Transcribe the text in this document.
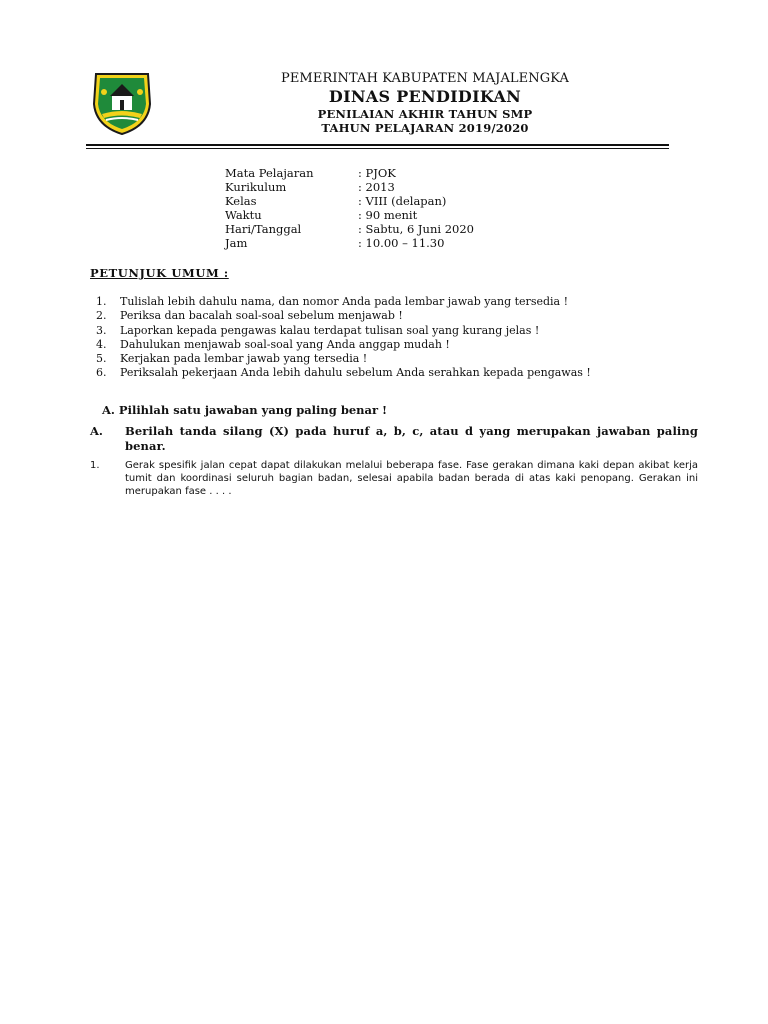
PEMERINTAH KABUPATEN MAJALENGKA
DINAS PENDIDIKAN
PENILAIAN AKHIR TAHUN SMP
TAHUN PELAJARAN 2019/2020
Mata Pelajaran	: PJOK
Kurikulum	: 2013
Kelas	: VIII (delapan)
Waktu	: 90 menit
Hari/Tanggal	: Sabtu, 6 Juni 2020
Jam	: 10.00 – 11.30
PETUNJUK UMUM :
1.	Tulislah lebih dahulu nama, dan nomor Anda pada lembar jawab yang tersedia !
2.	Periksa dan bacalah soal-soal sebelum menjawab !
3.	Laporkan kepada pengawas kalau terdapat tulisan soal yang kurang jelas !
4.	Dahulukan menjawab soal-soal yang Anda anggap mudah !
5.	Kerjakan pada lembar jawab yang tersedia !
6.	Periksalah pekerjaan Anda lebih dahulu sebelum Anda serahkan kepada pengawas !
A. Pilihlah satu jawaban yang paling benar !
A.	Berilah tanda silang (X) pada huruf a, b, c, atau d yang merupakan jawaban paling benar.
1.	Gerak spesifik jalan cepat dapat dilakukan melalui beberapa fase. Fase gerakan dimana kaki depan akibat kerja tumit dan koordinasi seluruh bagian badan, selesai apabila badan berada di atas kaki penopang. Gerakan ini merupakan fase . . . .
